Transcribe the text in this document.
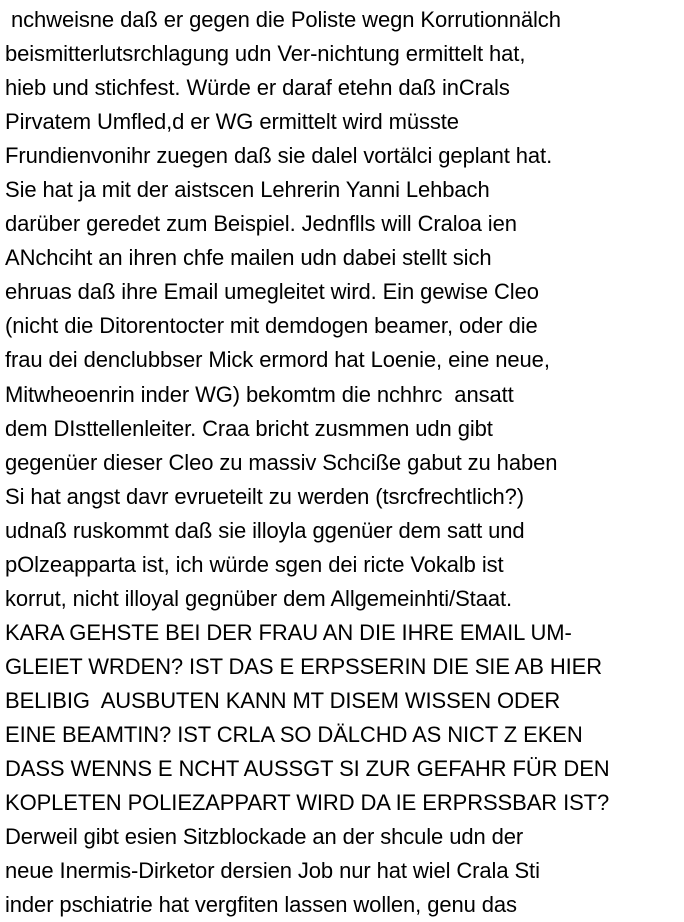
nchweisne daß er gegen die Poliste wegn Korrutionnälch
beismitterlutsrchlagung udn Ver-nichtung ermittelt hat,
hieb und stichfest. Würde er daraf etehn daß inCrals
Pirvatem Umfled,d er WG ermittelt wird müsste
Frundienvonihr zuegen daß sie dalel vortälci geplant hat.
Sie hat ja mit der aistscen Lehrerin Yanni Lehbach
darüber geredet zum Beispiel. Jednflls will Craloa ien
ANchciht an ihren chfe mailen udn dabei stellt sich
ehruas daß ihre Email umegleitet wird. Ein gewise Cleo
(nicht die Ditorentocter mit demdogen beamer, oder die
frau dei denclubbser Mick ermord hat Loenie, eine neue,
Mitwheoenrin inder WG) bekomtm die nchhrc  ansatt
dem DIsttellenleiter. Craa bricht zusmmen udn gibt
gegenüer dieser Cleo zu massiv Schciße gabut zu haben
Si hat angst davr evrueteilt zu werden (tsrcfrechtlich?)
udnaß ruskommt daß sie illoyla ggenüer dem satt und
pOlzeapparta ist, ich würde sgen dei ricte Vokalb ist
korrut, nicht illoyal gegnüber dem Allgemeinhti/Staat.
KARA GEHSTE BEI DER FRAU AN DIE IHRE EMAIL UM-
GLEIET WRDEN? IST DAS E ERPSSERIN DIE SIE AB HIER
BELIBIG  AUSBUTEN KANN MT DISEM WISSEN ODER
EINE BEAMTIN? IST CRLA SO DÄLCHD AS NICT Z EKEN
DASS WENNS E NCHT AUSSGT SI ZUR GEFAHR FÜR DEN
KOPLETEN POLIEZAPPART WIRD DA IE ERPRSSBAR IST?
Derweil gibt esien Sitzblockade an der shcule udn der
neue Inermis-Dirketor dersien Job nur hat wiel Crala Sti
inder pschiatrie hat vergfiten lassen wollen, genu das
